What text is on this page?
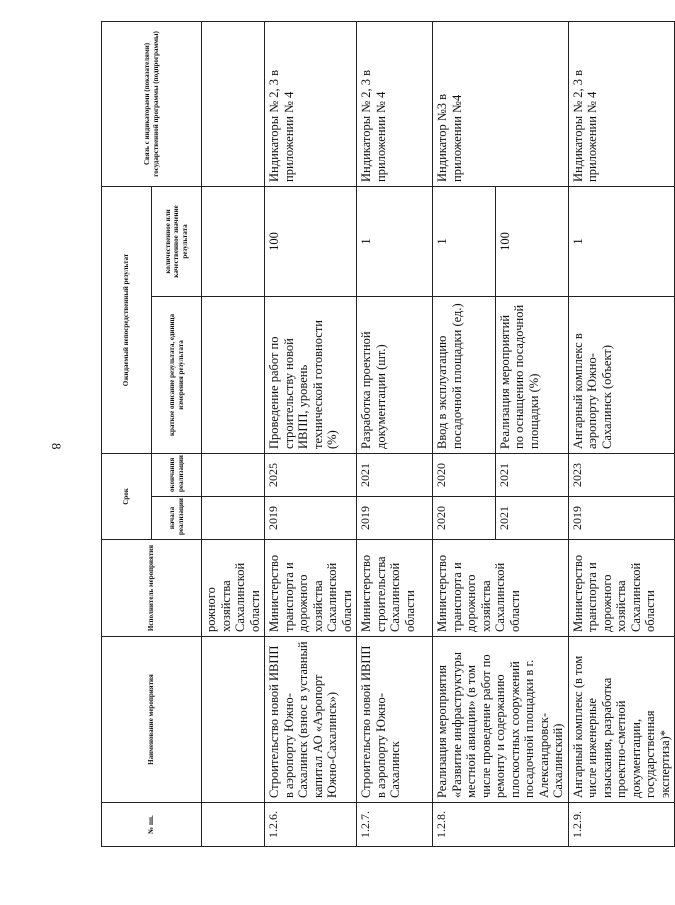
8
№ пп.	Наименование мероприятия	Исполнитель мероприятия	Срок		Ожидаемый непосредственный результат		Связь с индикаторами (показателями) государственной программы (подпрограммы)
			начала реализации	окончания реализации	краткое описание результата, единица измерения результата	количественное или качественное значение результата	
		рожного хозяйства Сахалинской области					
1.2.6.	Строительство новой ИВПП в аэропорту Южно-Сахалинск (взнос в уставный капитал АО «Аэропорт Южно-Сахалинск»)	Министерство транспорта и дорожного хозяйства Сахалинской области	2019	2025	Проведение работ по строительству новой ИВПП, уровень технической готовности (%)	100	Индикаторы № 2, 3 в приложении № 4
1.2.7.	Строительство новой ИВПП в аэропорту Южно-Сахалинск	Министерство строительства Сахалинской области	2019	2021	Разработка проектной документации (шт.)	1	Индикаторы № 2, 3 в приложении № 4
1.2.8.	Реализация мероприятия «Развитие инфраструктуры местной авиации» (в том числе проведение работ по ремонту и содержанию плоскостных сооружений посадочной площадки в г. Александровск-Сахалинский)	Министерство транспорта и дорожного хозяйства Сахалинской области	2020	2020	Ввод в эксплуатацию посадочной площадки (ед.)	1	Индикатор №3 в приложении №4
			2021	2021	Реализация мероприятий по оснащению посадочной площадки (%)	100	
1.2.9.	Ангарный комплекс (в том числе инженерные изыскания, разработка проектно-сметной документации, государственная экспертиза)*	Министерство транспорта и дорожного хозяйства Сахалинской области	2019	2023	Ангарный комплекс в аэропорту Южно-Сахалинск (объект)	1	Индикаторы № 2, 3 в приложении № 4
